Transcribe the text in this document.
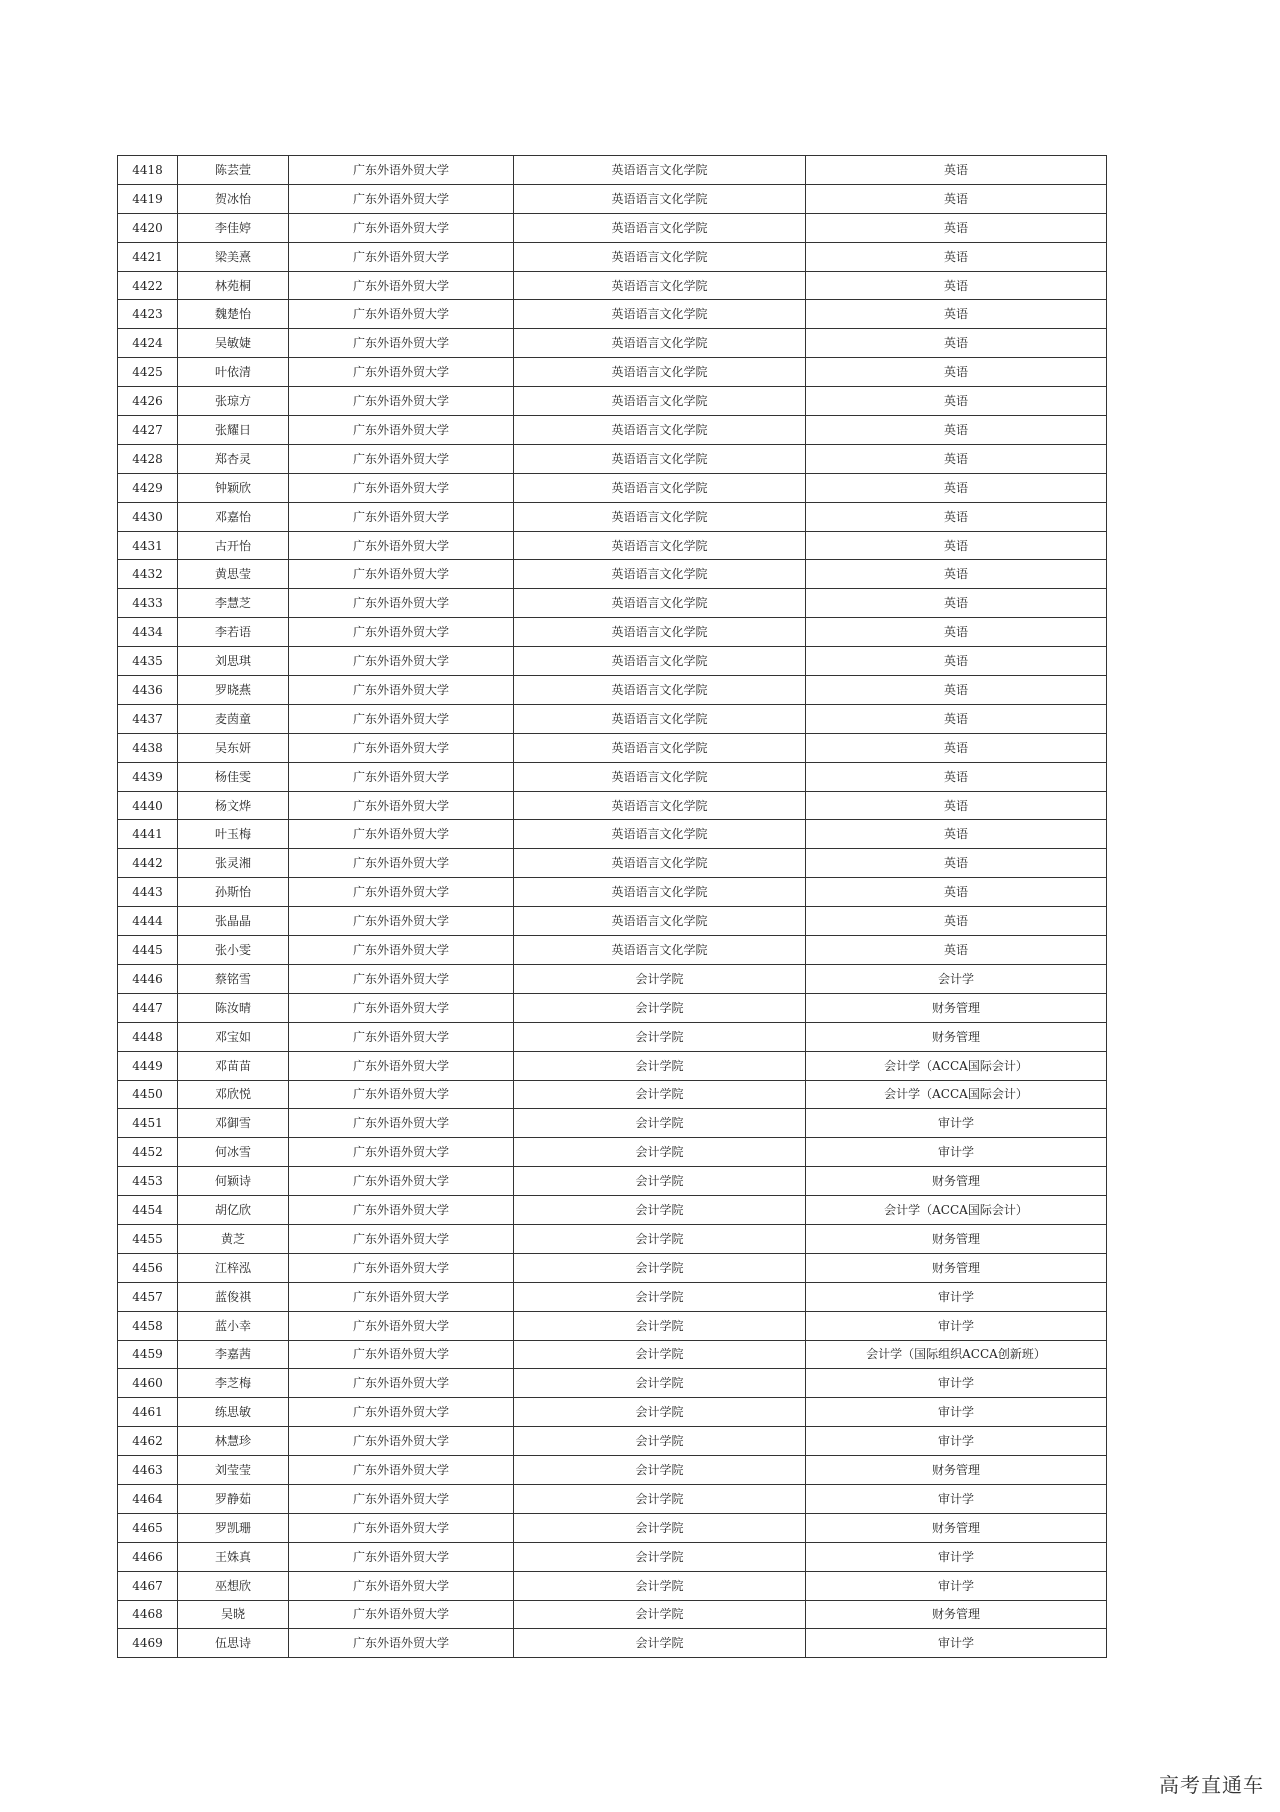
4418	陈芸萱	广东外语外贸大学	英语语言文化学院	英语
4419	贺冰怡	广东外语外贸大学	英语语言文化学院	英语
4420	李佳婷	广东外语外贸大学	英语语言文化学院	英语
4421	梁美熹	广东外语外贸大学	英语语言文化学院	英语
4422	林苑桐	广东外语外贸大学	英语语言文化学院	英语
4423	魏楚怡	广东外语外贸大学	英语语言文化学院	英语
4424	吴敏婕	广东外语外贸大学	英语语言文化学院	英语
4425	叶依清	广东外语外贸大学	英语语言文化学院	英语
4426	张琼方	广东外语外贸大学	英语语言文化学院	英语
4427	张耀日	广东外语外贸大学	英语语言文化学院	英语
4428	郑杏灵	广东外语外贸大学	英语语言文化学院	英语
4429	钟颖欣	广东外语外贸大学	英语语言文化学院	英语
4430	邓嘉怡	广东外语外贸大学	英语语言文化学院	英语
4431	古开怡	广东外语外贸大学	英语语言文化学院	英语
4432	黄思莹	广东外语外贸大学	英语语言文化学院	英语
4433	李慧芝	广东外语外贸大学	英语语言文化学院	英语
4434	李若语	广东外语外贸大学	英语语言文化学院	英语
4435	刘思琪	广东外语外贸大学	英语语言文化学院	英语
4436	罗晓燕	广东外语外贸大学	英语语言文化学院	英语
4437	麦茵童	广东外语外贸大学	英语语言文化学院	英语
4438	吴东妍	广东外语外贸大学	英语语言文化学院	英语
4439	杨佳雯	广东外语外贸大学	英语语言文化学院	英语
4440	杨文烨	广东外语外贸大学	英语语言文化学院	英语
4441	叶玉梅	广东外语外贸大学	英语语言文化学院	英语
4442	张灵湘	广东外语外贸大学	英语语言文化学院	英语
4443	孙斯怡	广东外语外贸大学	英语语言文化学院	英语
4444	张晶晶	广东外语外贸大学	英语语言文化学院	英语
4445	张小雯	广东外语外贸大学	英语语言文化学院	英语
4446	蔡铭雪	广东外语外贸大学	会计学院	会计学
4447	陈汝晴	广东外语外贸大学	会计学院	财务管理
4448	邓宝如	广东外语外贸大学	会计学院	财务管理
4449	邓苗苗	广东外语外贸大学	会计学院	会计学（ACCA国际会计）
4450	邓欣悦	广东外语外贸大学	会计学院	会计学（ACCA国际会计）
4451	邓御雪	广东外语外贸大学	会计学院	审计学
4452	何冰雪	广东外语外贸大学	会计学院	审计学
4453	何颖诗	广东外语外贸大学	会计学院	财务管理
4454	胡亿欣	广东外语外贸大学	会计学院	会计学（ACCA国际会计）
4455	黄芝	广东外语外贸大学	会计学院	财务管理
4456	江梓泓	广东外语外贸大学	会计学院	财务管理
4457	蓝俊祺	广东外语外贸大学	会计学院	审计学
4458	蓝小幸	广东外语外贸大学	会计学院	审计学
4459	李嘉茜	广东外语外贸大学	会计学院	会计学（国际组织ACCA创新班）
4460	李芝梅	广东外语外贸大学	会计学院	审计学
4461	练思敏	广东外语外贸大学	会计学院	审计学
4462	林慧珍	广东外语外贸大学	会计学院	审计学
4463	刘莹莹	广东外语外贸大学	会计学院	财务管理
4464	罗静茹	广东外语外贸大学	会计学院	审计学
4465	罗凯珊	广东外语外贸大学	会计学院	财务管理
4466	王姝真	广东外语外贸大学	会计学院	审计学
4467	巫想欣	广东外语外贸大学	会计学院	审计学
4468	吴晓	广东外语外贸大学	会计学院	财务管理
4469	伍思诗	广东外语外贸大学	会计学院	审计学
高考直通车
